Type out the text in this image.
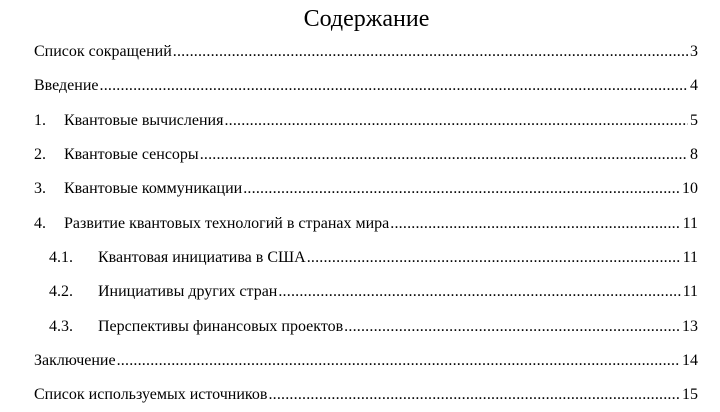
Содержание
Список сокращений .....	3
Введение .....	4
1.	Квантовые вычисления .....	5
2.	Квантовые сенсоры .....	8
3.	Квантовые коммуникации .....	10
4.	Развитие квантовых технологий в странах мира .....	11
4.1.	Квантовая инициатива в США .....	11
4.2.	Инициативы других стран .....	11
4.3.	Перспективы финансовых проектов .....	13
Заключение .....	14
Список используемых источников .....	15
